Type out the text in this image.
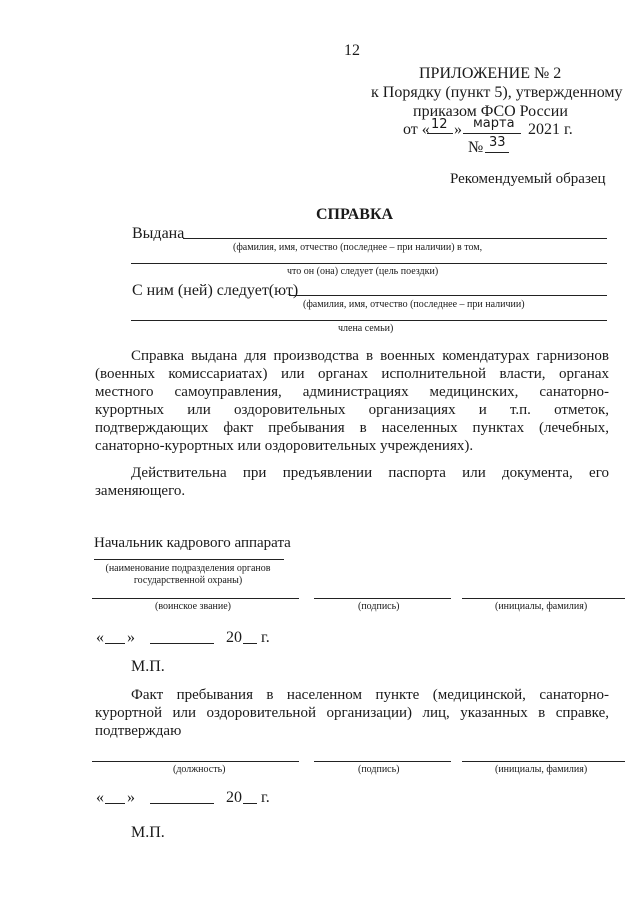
12
ПРИЛОЖЕНИЕ № 2
к Порядку (пункт 5), утвержденному
приказом ФСО России
от « 12 » марта 2021 г.
№ 33
Рекомендуемый образец
СПРАВКА
Выдана
(фамилия, имя, отчество (последнее – при наличии) в том,
что он (она) следует (цель поездки)
С ним (ней) следует(ют)
(фамилия, имя, отчество (последнее – при наличии)
члена семьи)
Справка выдана для производства в военных комендатурах гарнизонов (военных комиссариатах) или органах исполнительной власти, органах местного самоуправления, администрациях медицинских, санаторно-курортных или оздоровительных организациях и т.п. отметок, подтверждающих факт пребывания в населенных пунктах (лечебных, санаторно-курортных или оздоровительных учреждениях).
Действительна при предъявлении паспорта или документа, его заменяющего.
Начальник кадрового аппарата
(наименование подразделения органов государственной охраны)
(воинское звание)	(подпись)	(инициалы, фамилия)
« »	20 г.
М.П.
Факт пребывания в населенном пункте (медицинской, санаторно-курортной или оздоровительной организации) лиц, указанных в справке, подтверждаю
(должность)	(подпись)	(инициалы, фамилия)
« »	20 г.
М.П.
